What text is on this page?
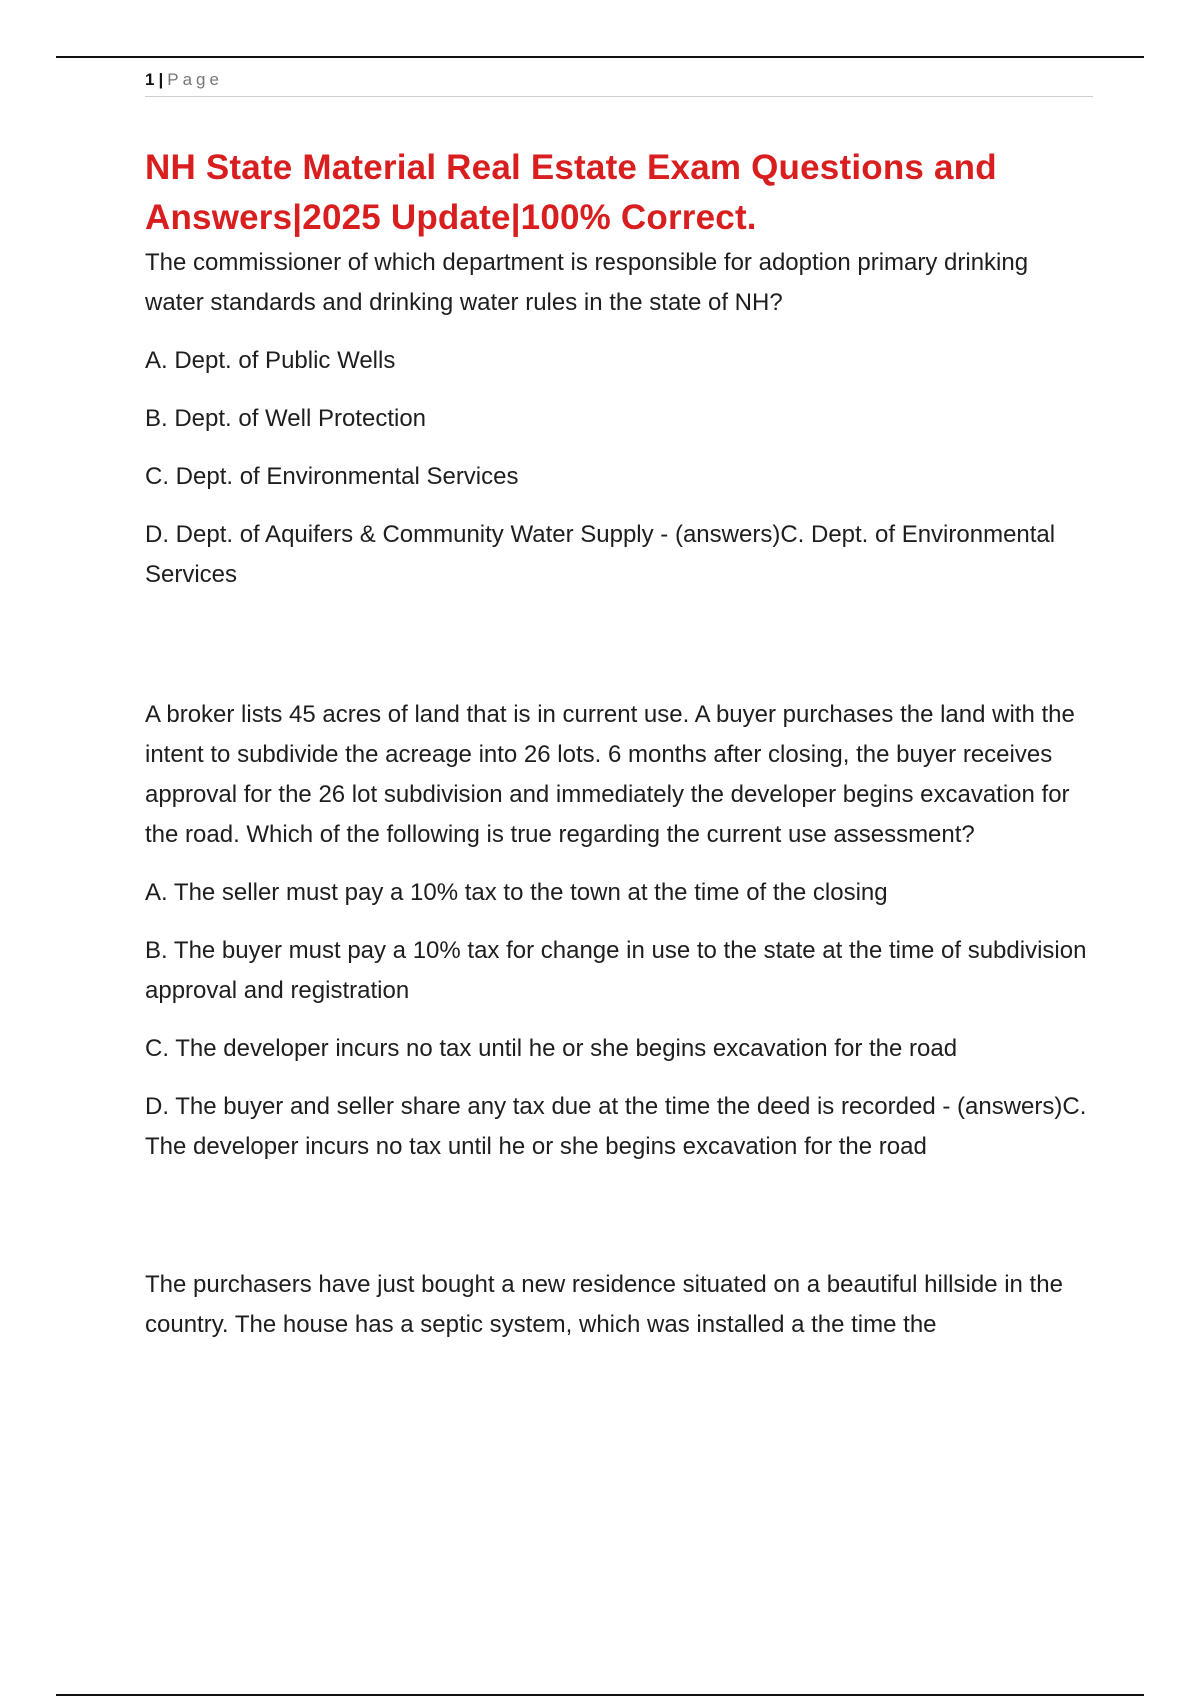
1 | Page
NH State Material Real Estate Exam Questions and Answers|2025 Update|100% Correct.

The commissioner of which department is responsible for adoption primary drinking water standards and drinking water rules in the state of NH?

A. Dept. of Public Wells

B. Dept. of Well Protection

C. Dept. of Environmental Services

D. Dept. of Aquifers & Community Water Supply - (answers)C. Dept. of Environmental Services

A broker lists 45 acres of land that is in current use. A buyer purchases the land with the intent to subdivide the acreage into 26 lots. 6 months after closing, the buyer receives approval for the 26 lot subdivision and immediately the developer begins excavation for the road. Which of the following is true regarding the current use assessment?

A. The seller must pay a 10% tax to the town at the time of the closing

B. The buyer must pay a 10% tax for change in use to the state at the time of subdivision approval and registration

C. The developer incurs no tax until he or she begins excavation for the road

D. The buyer and seller share any tax due at the time the deed is recorded - (answers)C. The developer incurs no tax until he or she begins excavation for the road

The purchasers have just bought a new residence situated on a beautiful hillside in the country. The house has a septic system, which was installed a the time the
